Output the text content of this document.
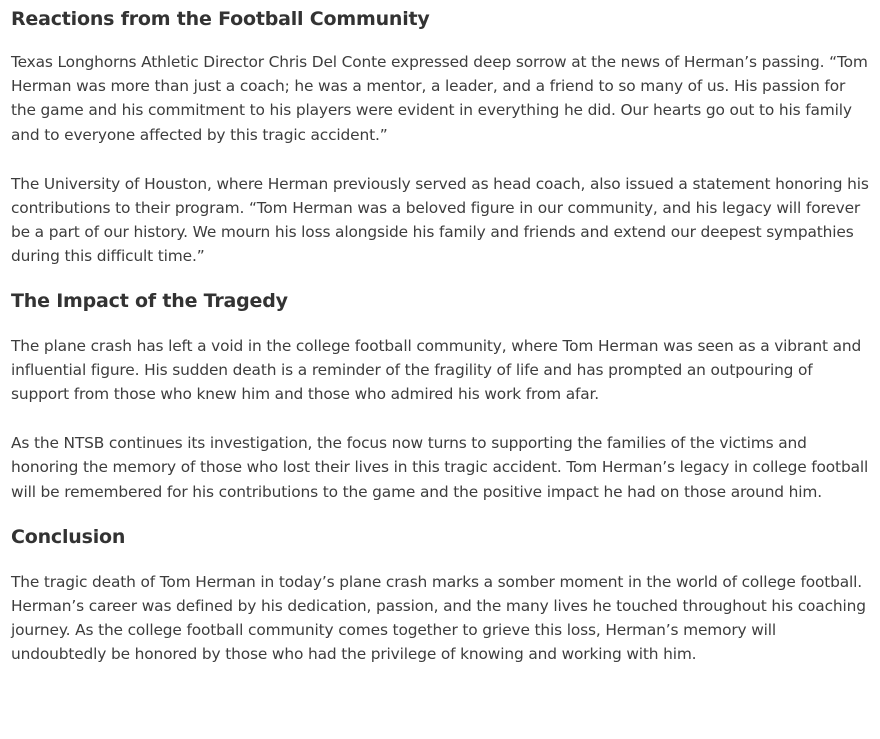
Reactions from the Football Community

Texas Longhorns Athletic Director Chris Del Conte expressed deep sorrow at the news of Herman’s passing. “Tom Herman was more than just a coach; he was a mentor, a leader, and a friend to so many of us. His passion for the game and his commitment to his players were evident in everything he did. Our hearts go out to his family and to everyone affected by this tragic accident.”

The University of Houston, where Herman previously served as head coach, also issued a statement honoring his contributions to their program. “Tom Herman was a beloved figure in our community, and his legacy will forever be a part of our history. We mourn his loss alongside his family and friends and extend our deepest sympathies during this difficult time.”

The Impact of the Tragedy

The plane crash has left a void in the college football community, where Tom Herman was seen as a vibrant and influential figure. His sudden death is a reminder of the fragility of life and has prompted an outpouring of support from those who knew him and those who admired his work from afar.

As the NTSB continues its investigation, the focus now turns to supporting the families of the victims and honoring the memory of those who lost their lives in this tragic accident. Tom Herman’s legacy in college football will be remembered for his contributions to the game and the positive impact he had on those around him.

Conclusion

The tragic death of Tom Herman in today’s plane crash marks a somber moment in the world of college football. Herman’s career was defined by his dedication, passion, and the many lives he touched throughout his coaching journey. As the college football community comes together to grieve this loss, Herman’s memory will undoubtedly be honored by those who had the privilege of knowing and working with him.
